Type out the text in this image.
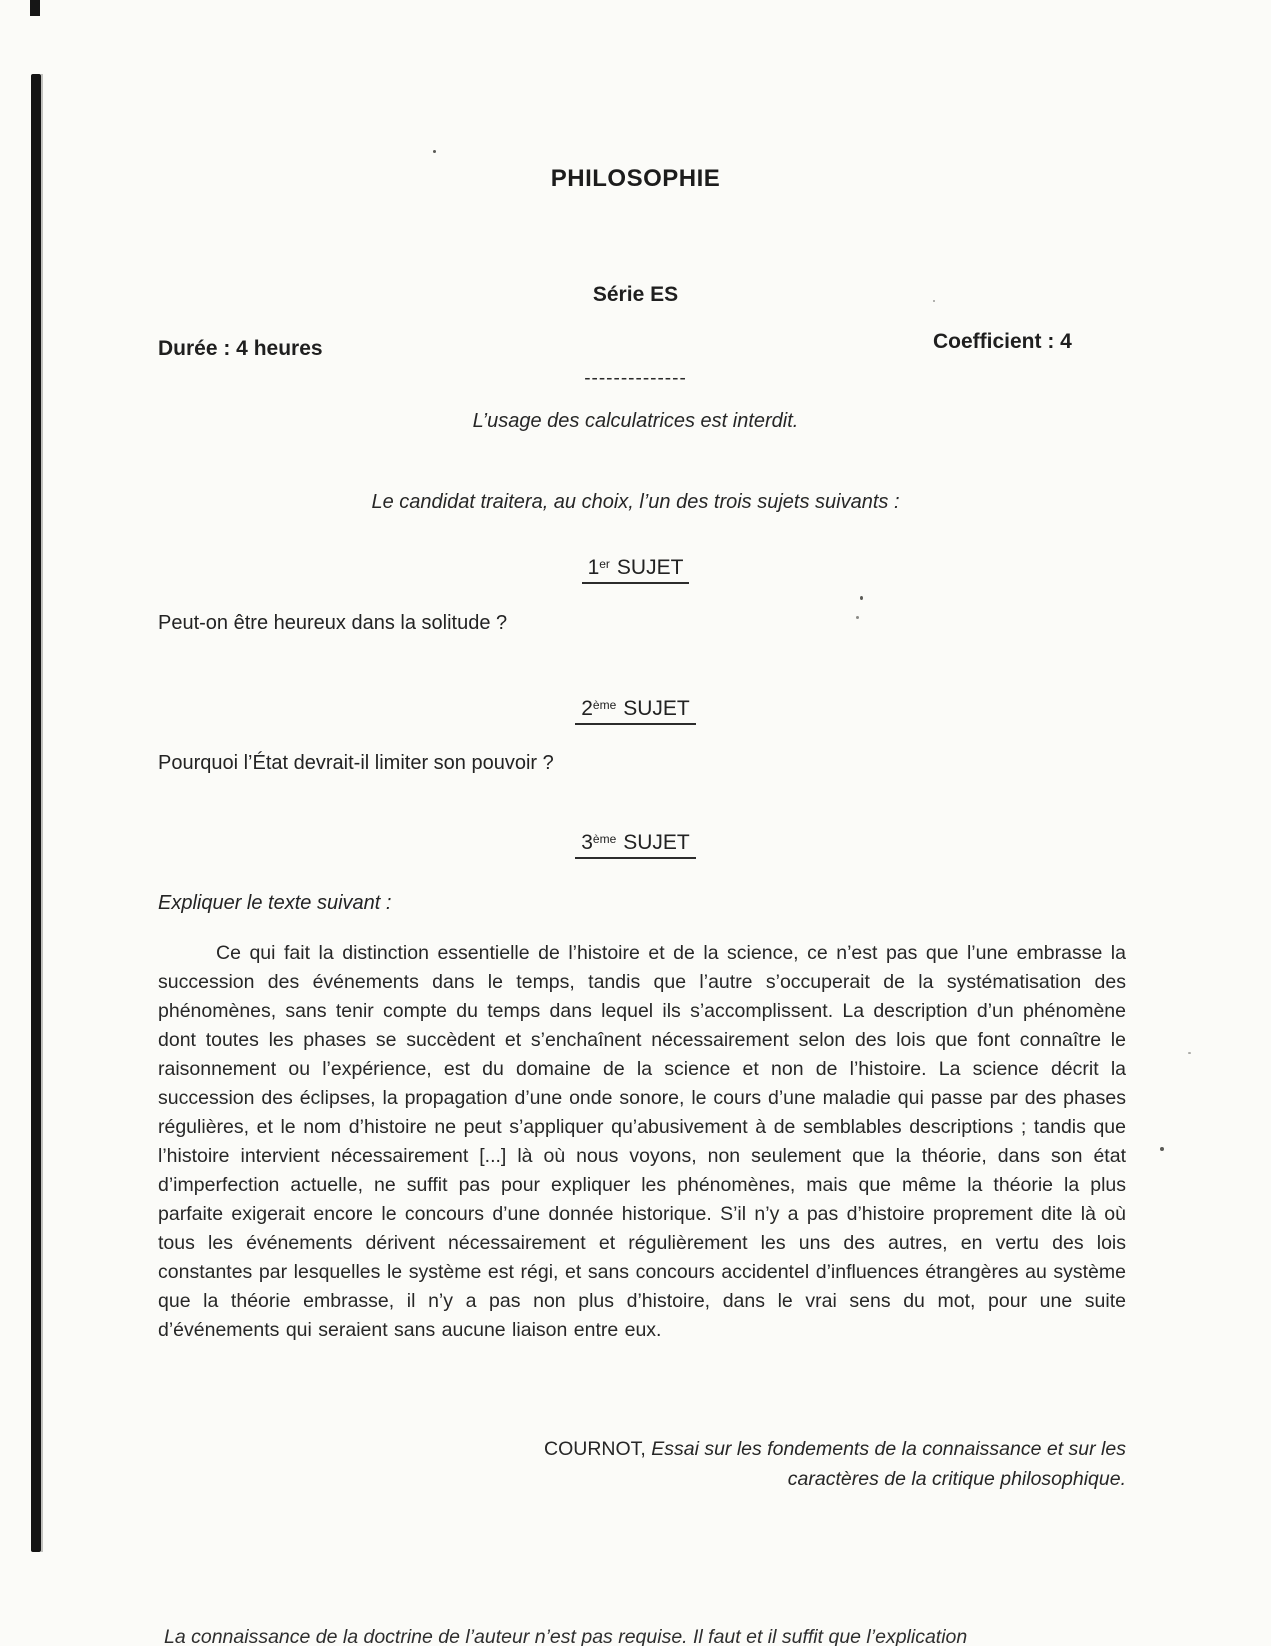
PHILOSOPHIE
Série ES
Durée : 4 heures	Coefficient : 4
--------------
L’usage des calculatrices est interdit.
Le candidat traitera, au choix, l’un des trois sujets suivants :
1er SUJET
Peut-on être heureux dans la solitude ?
2ème SUJET
Pourquoi l’État devrait-il limiter son pouvoir ?
3ème SUJET
Expliquer le texte suivant :

Ce qui fait la distinction essentielle de l’histoire et de la science, ce n’est pas que l’une embrasse la succession des événements dans le temps, tandis que l’autre s’occuperait de la systématisation des phénomènes, sans tenir compte du temps dans lequel ils s’accomplissent. La description d’un phénomène dont toutes les phases se succèdent et s’enchaînent nécessairement selon des lois que font connaître le raisonnement ou l’expérience, est du domaine de la science et non de l’histoire. La science décrit la succession des éclipses, la propagation d’une onde sonore, le cours d’une maladie qui passe par des phases régulières, et le nom d’histoire ne peut s’appliquer qu’abusivement à de semblables descriptions ; tandis que l’histoire intervient nécessairement [...] là où nous voyons, non seulement que la théorie, dans son état d’imperfection actuelle, ne suffit pas pour expliquer les phénomènes, mais que même la théorie la plus parfaite exigerait encore le concours d’une donnée historique. S’il n’y a pas d’histoire proprement dite là où tous les événements dérivent nécessairement et régulièrement les uns des autres, en vertu des lois constantes par lesquelles le système est régi, et sans concours accidentel d’influences étrangères au système que la théorie embrasse, il n’y a pas non plus d’histoire, dans le vrai sens du mot, pour une suite d’événements qui seraient sans aucune liaison entre eux.

COURNOT, Essai sur les fondements de la connaissance et sur les caractères de la critique philosophique.
La connaissance de la doctrine de l’auteur n’est pas requise. Il faut et il suffit que l’explication
